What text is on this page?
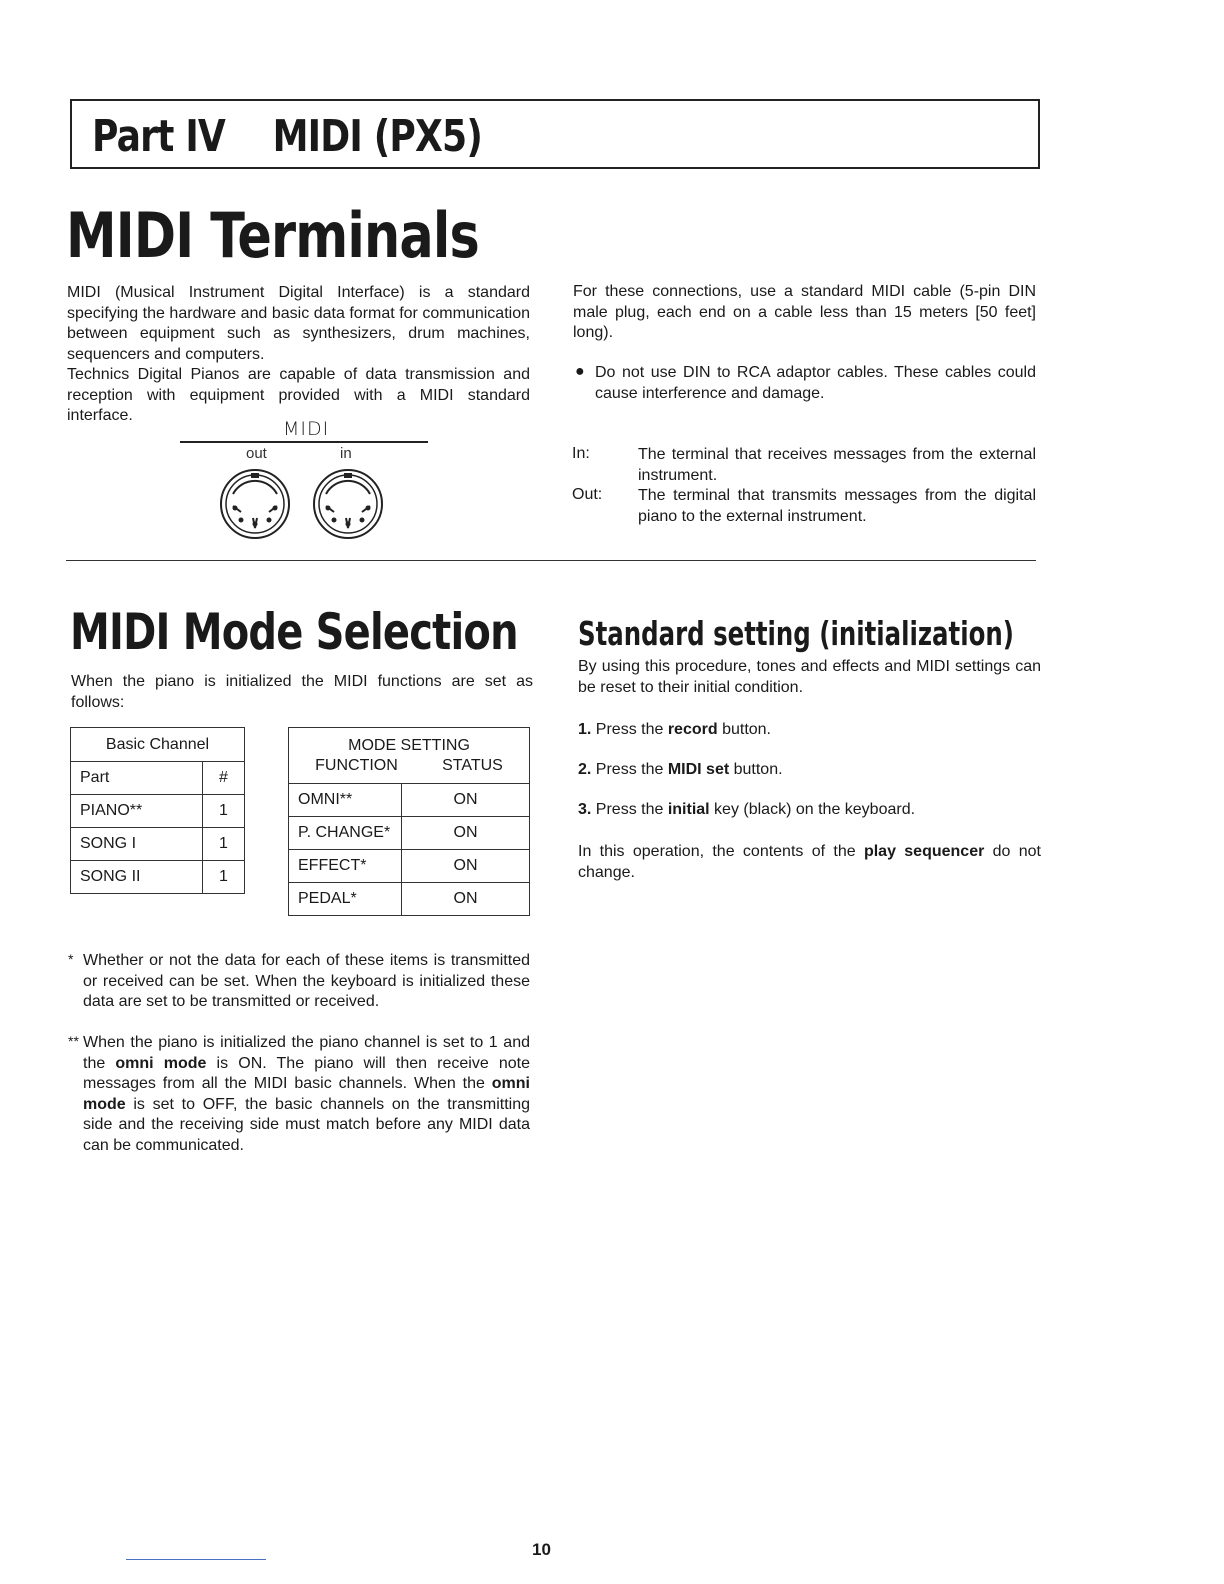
Part IV MIDI (PX5)
MIDI Terminals

MIDI (Musical Instrument Digital Interface) is a standard specifying the hardware and basic data format for communication between equipment such as synthesizers, drum machines, sequencers and computers.

Technics Digital Pianos are capable of data transmission and reception with equipment provided with a MIDI standard interface.

MIDI
out	in

For these connections, use a standard MIDI cable (5-pin DIN male plug, each end on a cable less than 15 meters [50 feet] long).

● Do not use DIN to RCA adaptor cables. These cables could cause interference and damage.

In:	The terminal that receives messages from the external instrument.

Out: The terminal that transmits messages from the digital piano to the external instrument.

MIDI Mode Selection

When the piano is initialized the MIDI functions are set as follows:

Basic Channel	
Part	#
PIANO**	1
SONG I	1
SONG II	1
MODE SETTING
FUNCTION STATUS	

OMNI**	ON
P. CHANGE*	ON
EFFECT*	ON
PEDAL*	ON
* Whether or not the data for each of these items is transmitted or received can be set. When the keyboard is initialized these data are set to be transmitted or received.

** When the piano is initialized the piano channel is set to 1 and the omni mode is ON. The piano will then receive note messages from all the MIDI basic channels. When the omni mode is set to OFF, the basic channels on the transmitting side and the receiving side must match before any MIDI data can be communicated.

Standard setting (initialization)

By using this procedure, tones and effects and MIDI settings can be reset to their initial condition.

1. Press the record button.
2. Press the MIDI set button.
3. Press the initial key (black) on the keyboard.

In this operation, the contents of the play sequencer do not change.

10
